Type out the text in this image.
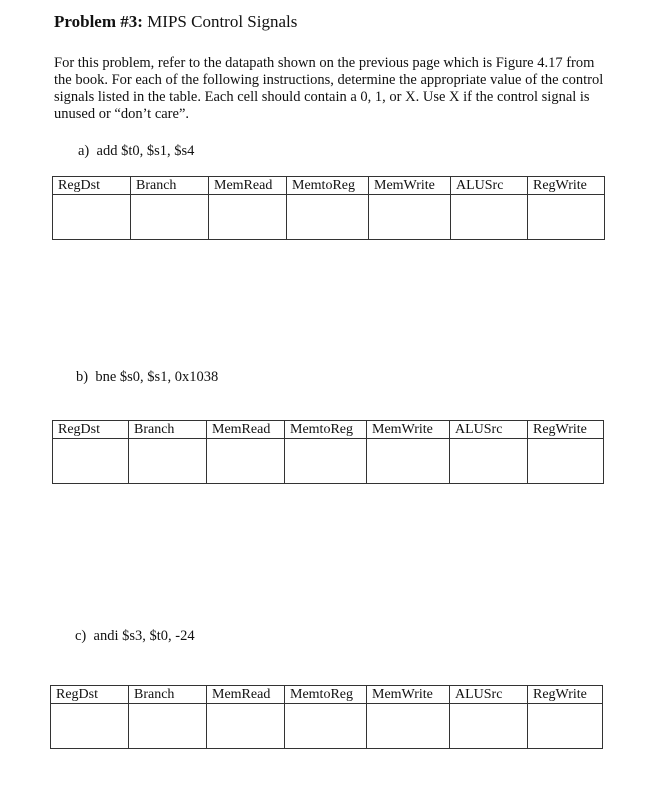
Problem #3: MIPS Control Signals
For this problem, refer to the datapath shown on the previous page which is Figure 4.17 from the book. For each of the following instructions, determine the appropriate value of the control signals listed in the table. Each cell should contain a 0, 1, or X. Use X if the control signal is unused or “don’t care”.
a) add $t0, $s1, $s4
RegDst	Branch	MemRead	MemtoReg	MemWrite	ALUSrc	RegWrite

b) bne $s0, $s1, 0x1038
RegDst	Branch	MemRead	MemtoReg	MemWrite	ALUSrc	RegWrite

c) andi $s3, $t0, -24
RegDst	Branch	MemRead	MemtoReg	MemWrite	ALUSrc	RegWrite
